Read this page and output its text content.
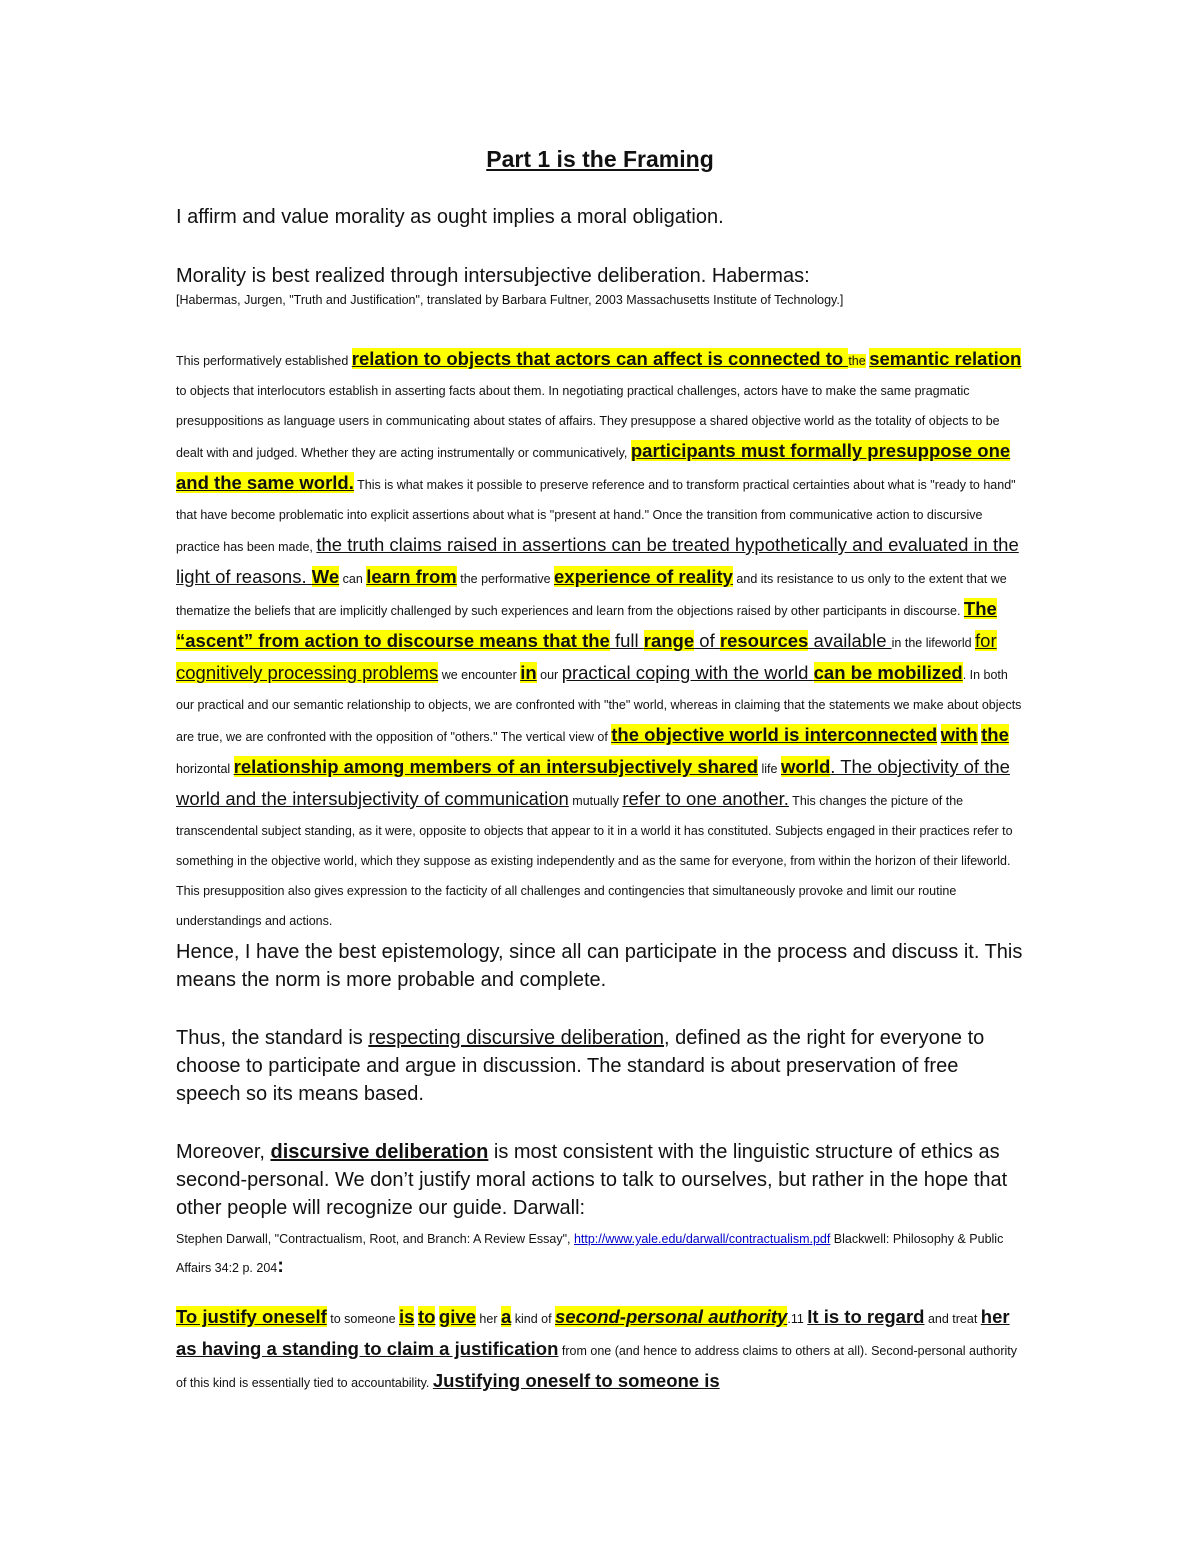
Part 1 is the Framing
I affirm and value morality as ought implies a moral obligation.
Morality is best realized through intersubjective deliberation. Habermas:
[Habermas, Jurgen, "Truth and Justification", translated by Barbara Fultner, 2003 Massachusetts Institute of Technology.]
This performatively established relation to objects that actors can affect is connected to the semantic relation to objects that interlocutors establish in asserting facts about them. In negotiating practical challenges, actors have to make the same pragmatic presuppositions as language users in communicating about states of affairs. They presuppose a shared objective world as the totality of objects to be dealt with and judged. Whether they are acting instrumentally or communicatively, participants must formally presuppose one and the same world. This is what makes it possible to preserve reference and to transform practical certainties about what is "ready to hand" that have become problematic into explicit assertions about what is "present at hand." Once the transition from communicative action to discursive practice has been made, the truth claims raised in assertions can be treated hypothetically and evaluated in the light of reasons. We can learn from the performative experience of reality and its resistance to us only to the extent that we thematize the beliefs that are implicitly challenged by such experiences and learn from the objections raised by other participants in discourse. The “ascent” from action to discourse means that the full range of resources available in the lifeworld for cognitively processing problems we encounter in our practical coping with the world can be mobilized. In both our practical and our semantic relationship to objects, we are confronted with "the" world, whereas in claiming that the statements we make about objects are true, we are confronted with the opposition of "others." The vertical view of the objective world is interconnected with the horizontal relationship among members of an intersubjectively shared life world. The objectivity of the world and the intersubjectivity of communication mutually refer to one another. This changes the picture of the transcendental subject standing, as it were, opposite to objects that appear to it in a world it has constituted. Subjects engaged in their practices refer to something in the objective world, which they suppose as existing independently and as the same for everyone, from within the horizon of their lifeworld. This presupposition also gives expression to the facticity of all challenges and contingencies that simultaneously provoke and limit our routine understandings and actions.
Hence, I have the best epistemology, since all can participate in the process and discuss it. This means the norm is more probable and complete.
Thus, the standard is respecting discursive deliberation, defined as the right for everyone to choose to participate and argue in discussion. The standard is about preservation of free speech so its means based.
Moreover, discursive deliberation is most consistent with the linguistic structure of ethics as second-personal. We don’t justify moral actions to talk to ourselves, but rather in the hope that other people will recognize our guide. Darwall:
Stephen Darwall, "Contractualism, Root, and Branch: A Review Essay", http://www.yale.edu/darwall/contractualism.pdf Blackwell: Philosophy & Public Affairs 34:2 p. 204:
To justify oneself to someone is to give her a kind of second-personal authority.11 It is to regard and treat her as having a standing to claim a justification from one (and hence to address claims to others at all). Second-personal authority of this kind is essentially tied to accountability. Justifying oneself to someone is
